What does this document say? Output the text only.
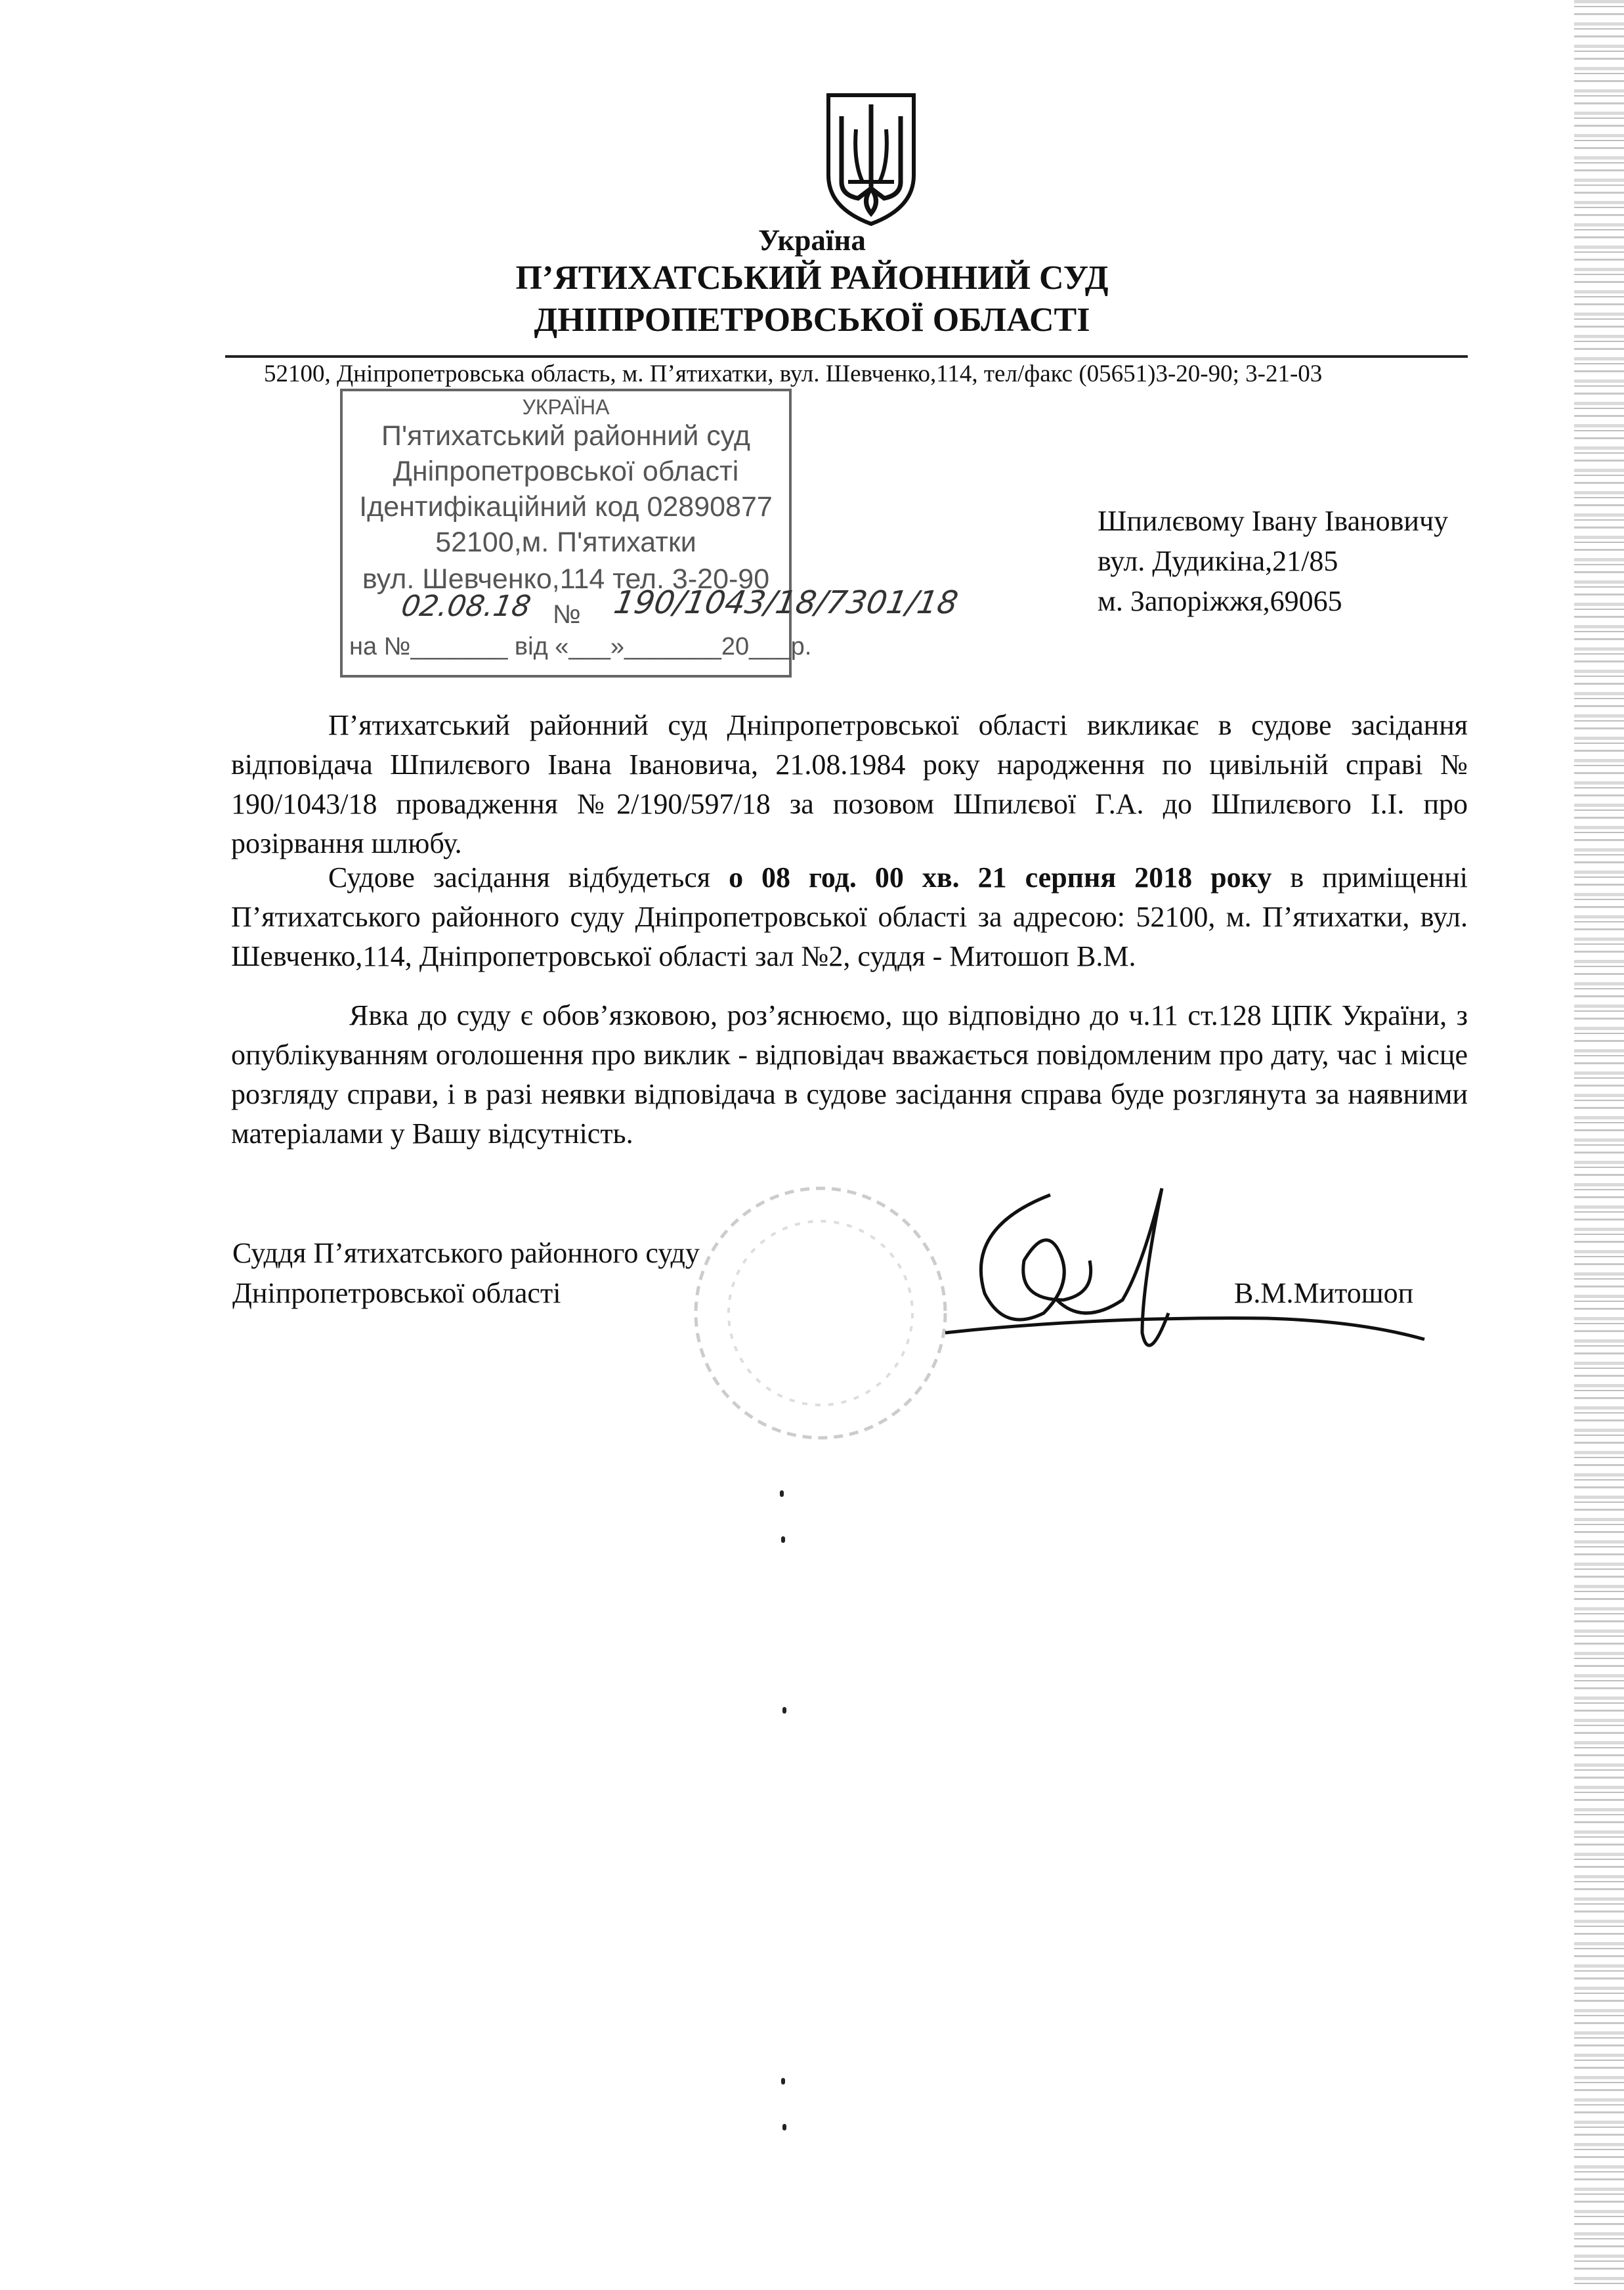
Україна
П’ЯТИХАТСЬКИЙ РАЙОННИЙ СУД
ДНІПРОПЕТРОВСЬКОЇ ОБЛАСТІ
52100, Дніпропетровська область, м. П’ятихатки, вул. Шевченко,114, тел/факс (05651)3-20-90; 3-21-03
УКРАЇНА
П'ятихатський районний суд
Дніпропетровської області
Ідентифікаційний код 02890877
52100,м. П'ятихатки
вул. Шевченко,114 тел. 3-20-90
№
на №_______ від «___»_______20___р.
02.08.18 190/1043/18/7301/18
Шпилєвому Івану Івановичу
вул. Дудикіна,21/85
м. Запоріжжя,69065

П’ятихатський районний суд Дніпропетровської області викликає в судове засідання відповідача Шпилєвого Івана Івановича, 21.08.1984 року народження по цивільній справі № 190/1043/18 провадження №2/190/597/18 за позовом Шпилєвої Г.А. до Шпилєвого І.І. про розірвання шлюбу.

Судове засідання відбудеться о 08 год. 00 хв. 21 серпня 2018 року в приміщенні П’ятихатського районного суду Дніпропетровської області за адресою: 52100, м. П’ятихатки, вул. Шевченко,114, Дніпропетровської області зал №2, суддя - Митошоп В.М.

Явка до суду є обов’язковою, роз’яснюємо, що відповідно до ч.11 ст.128 ЦПК України, з опублікуванням оголошення про виклик - відповідач вважається повідомленим про дату, час і місце розгляду справи, і в разі неявки відповідача в судове засідання справа буде розглянута за наявними матеріалами у Вашу відсутність.

Суддя П’ятихатського районного суду
Дніпропетровської області	В.М.Митошоп
